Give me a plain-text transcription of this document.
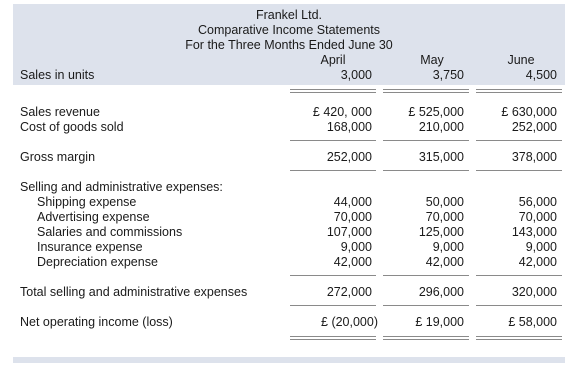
Frankel Ltd.
Comparative Income Statements
For the Three Months Ended June 30
April	May	June
Sales in units	3,000	3,750	4,500
Sales revenue	£ 420, 000	£ 525,000	£ 630,000
Cost of goods sold	168,000	210,000	252,000
Gross margin	252,000	315,000	378,000
Selling and administrative expenses:
Shipping expense	44,000	50,000	56,000
Advertising expense	70,000	70,000	70,000
Salaries and commissions	107,000	125,000	143,000
Insurance expense	9,000	9,000	9,000
Depreciation expense	42,000	42,000	42,000
Total selling and administrative expenses	272,000	296,000	320,000
Net operating income (loss)	£ (20,000)	£ 19,000	£ 58,000
